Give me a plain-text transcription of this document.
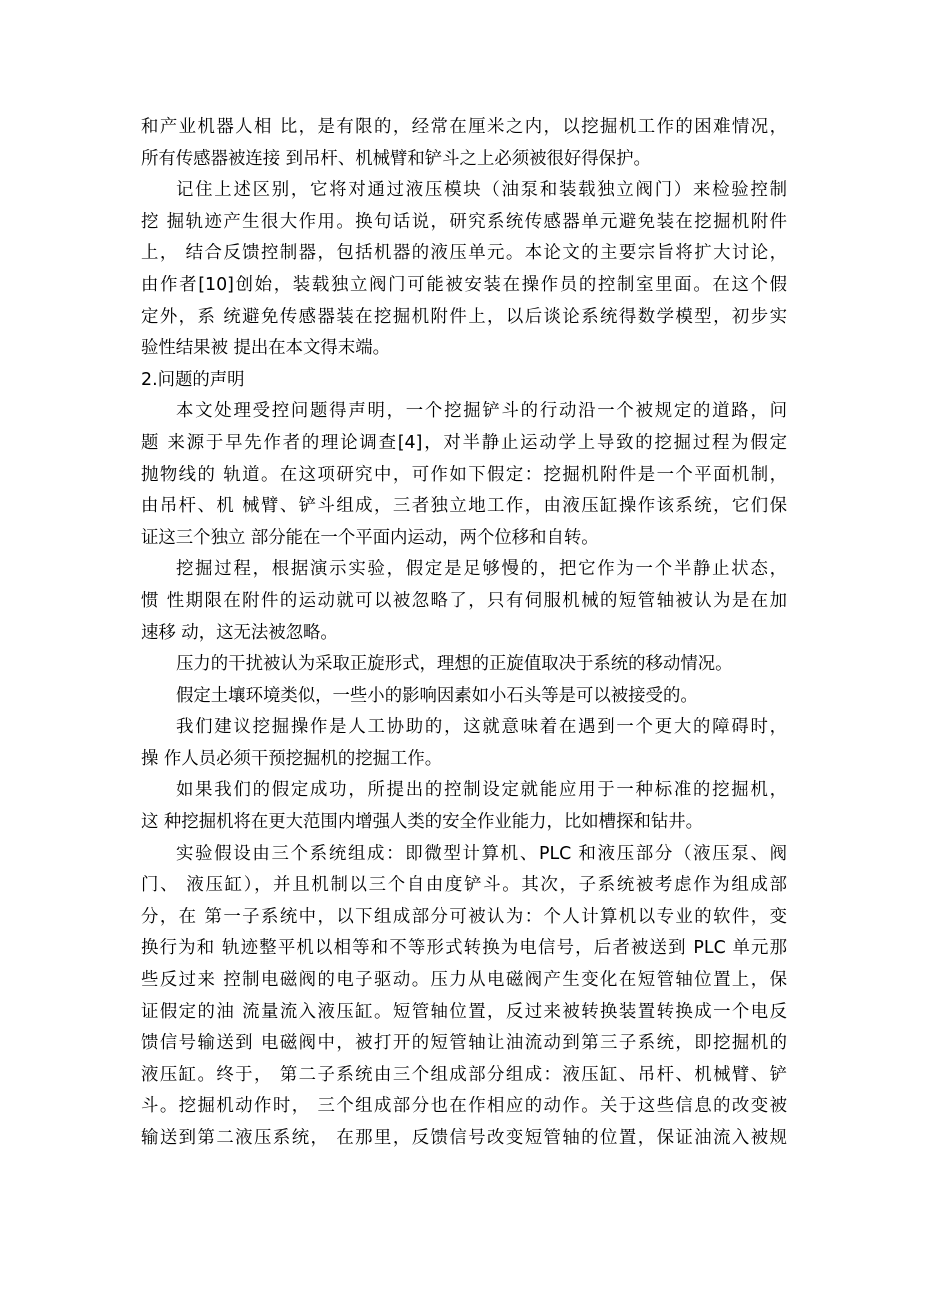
和产业机器人相 比，是有限的，经常在厘米之内，以挖掘机工作的困难情况，
所有传感器被连接 到吊杆、机械臂和铲斗之上必须被很好得保护。
记住上述区别，它将对通过液压模块（油泵和装载独立阀门）来检验控制
挖 掘轨迹产生很大作用。换句话说，研究系统传感器单元避免装在挖掘机附件
上， 结合反馈控制器，包括机器的液压单元。本论文的主要宗旨将扩大讨论，
由作者[10]创始，装载独立阀门可能被安装在操作员的控制室里面。在这个假
定外，系 统避免传感器装在挖掘机附件上，以后谈论系统得数学模型，初步实
验性结果被 提出在本文得末端。
2.问题的声明
本文处理受控问题得声明，一个挖掘铲斗的行动沿一个被规定的道路，问
题 来源于早先作者的理论调查[4]，对半静止运动学上导致的挖掘过程为假定
抛物线的 轨道。在这项研究中，可作如下假定：挖掘机附件是一个平面机制，
由吊杆、机 械臂、铲斗组成，三者独立地工作，由液压缸操作该系统，它们保
证这三个独立 部分能在一个平面内运动，两个位移和自转。
挖掘过程，根据演示实验，假定是足够慢的，把它作为一个半静止状态，
惯 性期限在附件的运动就可以被忽略了，只有伺服机械的短管轴被认为是在加
速移 动，这无法被忽略。
压力的干扰被认为采取正旋形式，理想的正旋值取决于系统的移动情况。
假定土壤环境类似，一些小的影响因素如小石头等是可以被接受的。
我们建议挖掘操作是人工协助的，这就意味着在遇到一个更大的障碍时，
操 作人员必须干预挖掘机的挖掘工作。
如果我们的假定成功，所提出的控制设定就能应用于一种标准的挖掘机，
这 种挖掘机将在更大范围内增强人类的安全作业能力，比如槽探和钻井。
实验假设由三个系统组成：即微型计算机、PLC 和液压部分（液压泵、阀
门、 液压缸），并且机制以三个自由度铲斗。其次，子系统被考虑作为组成部
分，在 第一子系统中，以下组成部分可被认为：个人计算机以专业的软件，变
换行为和 轨迹整平机以相等和不等形式转换为电信号，后者被送到 PLC 单元那
些反过来 控制电磁阀的电子驱动。压力从电磁阀产生变化在短管轴位置上，保
证假定的油 流量流入液压缸。短管轴位置，反过来被转换装置转换成一个电反
馈信号输送到 电磁阀中，被打开的短管轴让油流动到第三子系统，即挖掘机的
液压缸。终于， 第二子系统由三个组成部分组成：液压缸、吊杆、机械臂、铲
斗。挖掘机动作时， 三个组成部分也在作相应的动作。关于这些信息的改变被
输送到第二液压系统， 在那里，反馈信号改变短管轴的位置，保证油流入被规
